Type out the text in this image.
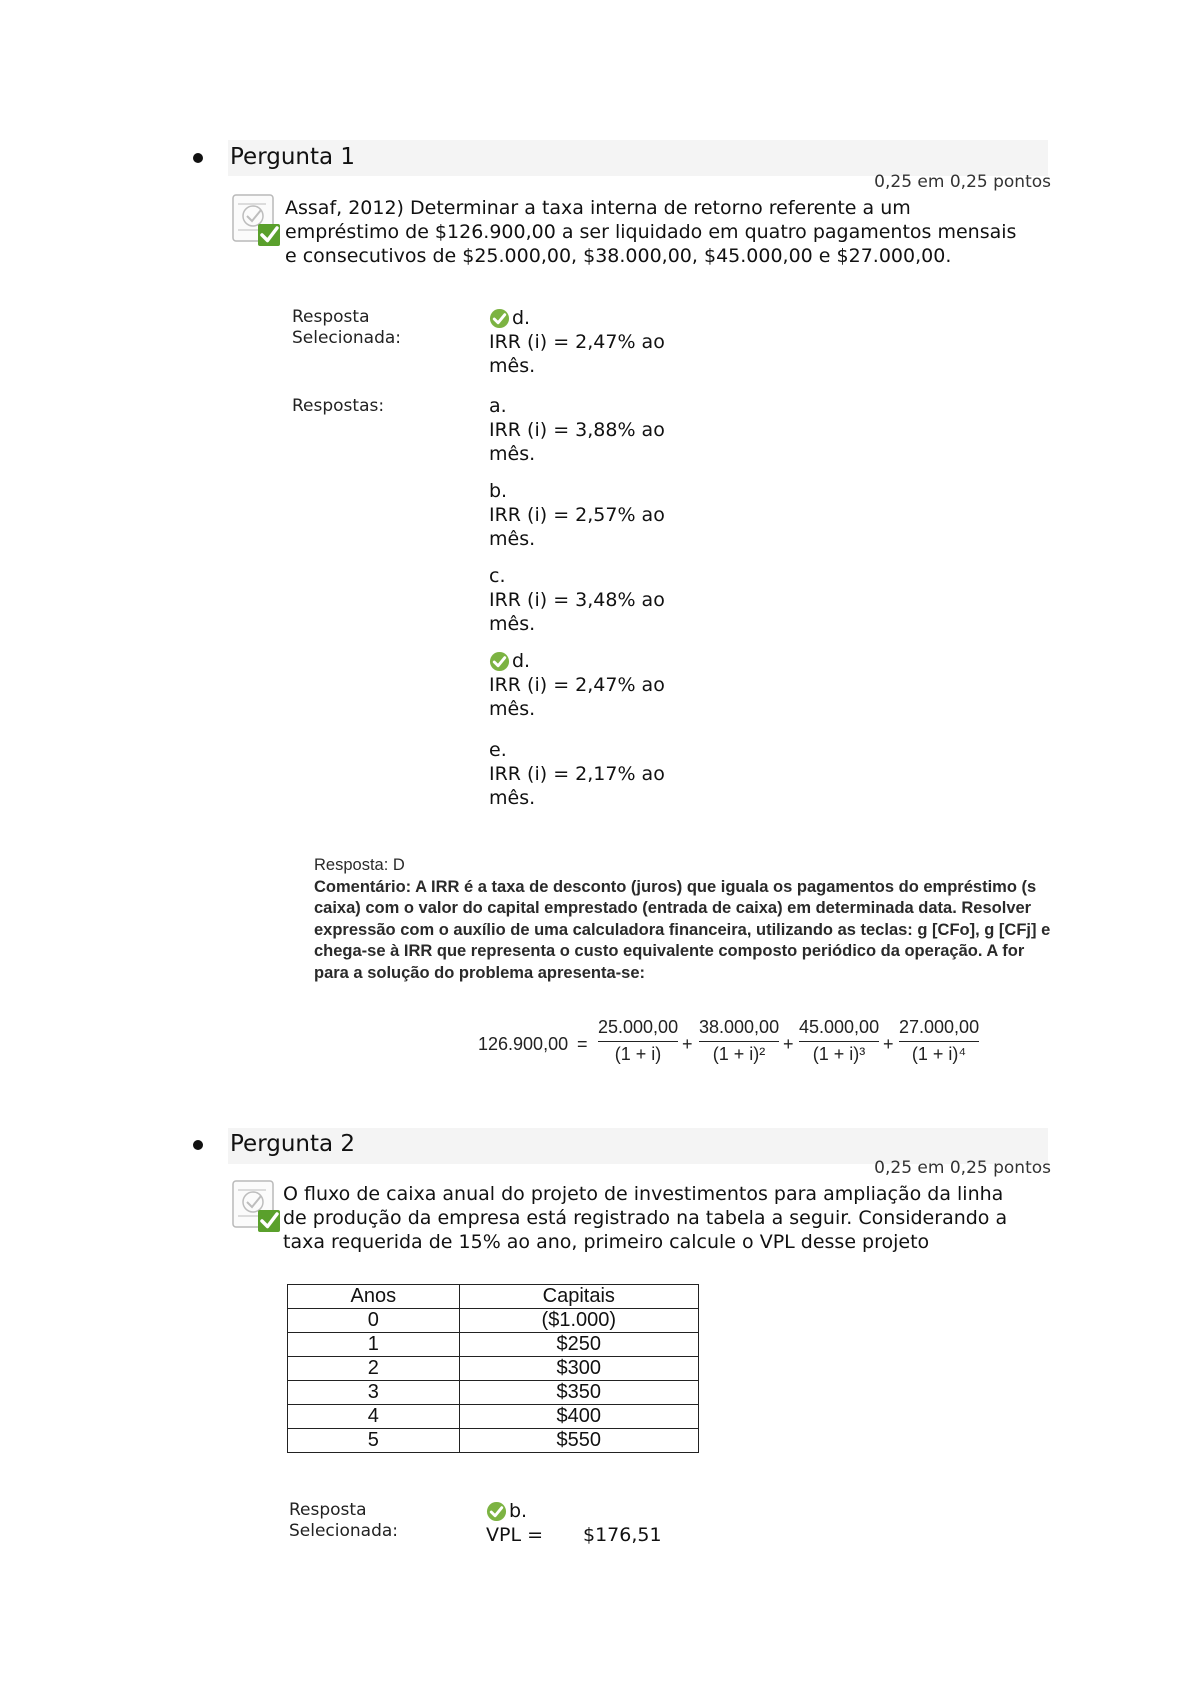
Pergunta 1
0,25 em 0,25 pontos
Assaf, 2012) Determinar a taxa interna de retorno referente a um
empréstimo de $126.900,00 a ser liquidado em quatro pagamentos mensais
e consecutivos de $25.000,00, $38.000,00, $45.000,00 e $27.000,00.
Resposta
Selecionada:
d.
IRR (i) = 2,47% ao
mês.
Respostas:	a.
IRR (i) = 3,88% ao
mês.
b.
IRR (i) = 2,57% ao
mês.
c.
IRR (i) = 3,48% ao
mês.
d.
IRR (i) = 2,47% ao
mês.
e.
IRR (i) = 2,17% ao
mês.
Resposta: D
Comentário: A IRR é a taxa de desconto (juros) que iguala os pagamentos do empréstimo (s
caixa) com o valor do capital emprestado (entrada de caixa) em determinada data. Resolver
expressão com o auxílio de uma calculadora financeira, utilizando as teclas: g [CFo], g [CFj] e
chega-se à IRR que representa o custo equivalente composto periódico da operação. A for
para a solução do problema apresenta-se:
$126.900,00 = \frac{25.000,00}{(1 + i)} + \frac{38.000,00}{\text{(1 + i)²}} + \frac{45.000,00}{\text{(1 + i)³}} + \frac{27.000,00}{\text{(1 + i)⁴}}$
Pergunta 2
0,25 em 0,25 pontos
O fluxo de caixa anual do projeto de investimentos para ampliação da linha
de produção da empresa está registrado na tabela a seguir. Considerando a
taxa requerida de 15% ao ano, primeiro calcule o VPL desse projeto
Anos	Capitais
0	($1.000)
1	$250
2	$300
3	$350
4	$400
5	$550
Resposta
Selecionada:
b.
VPL = $176,51
